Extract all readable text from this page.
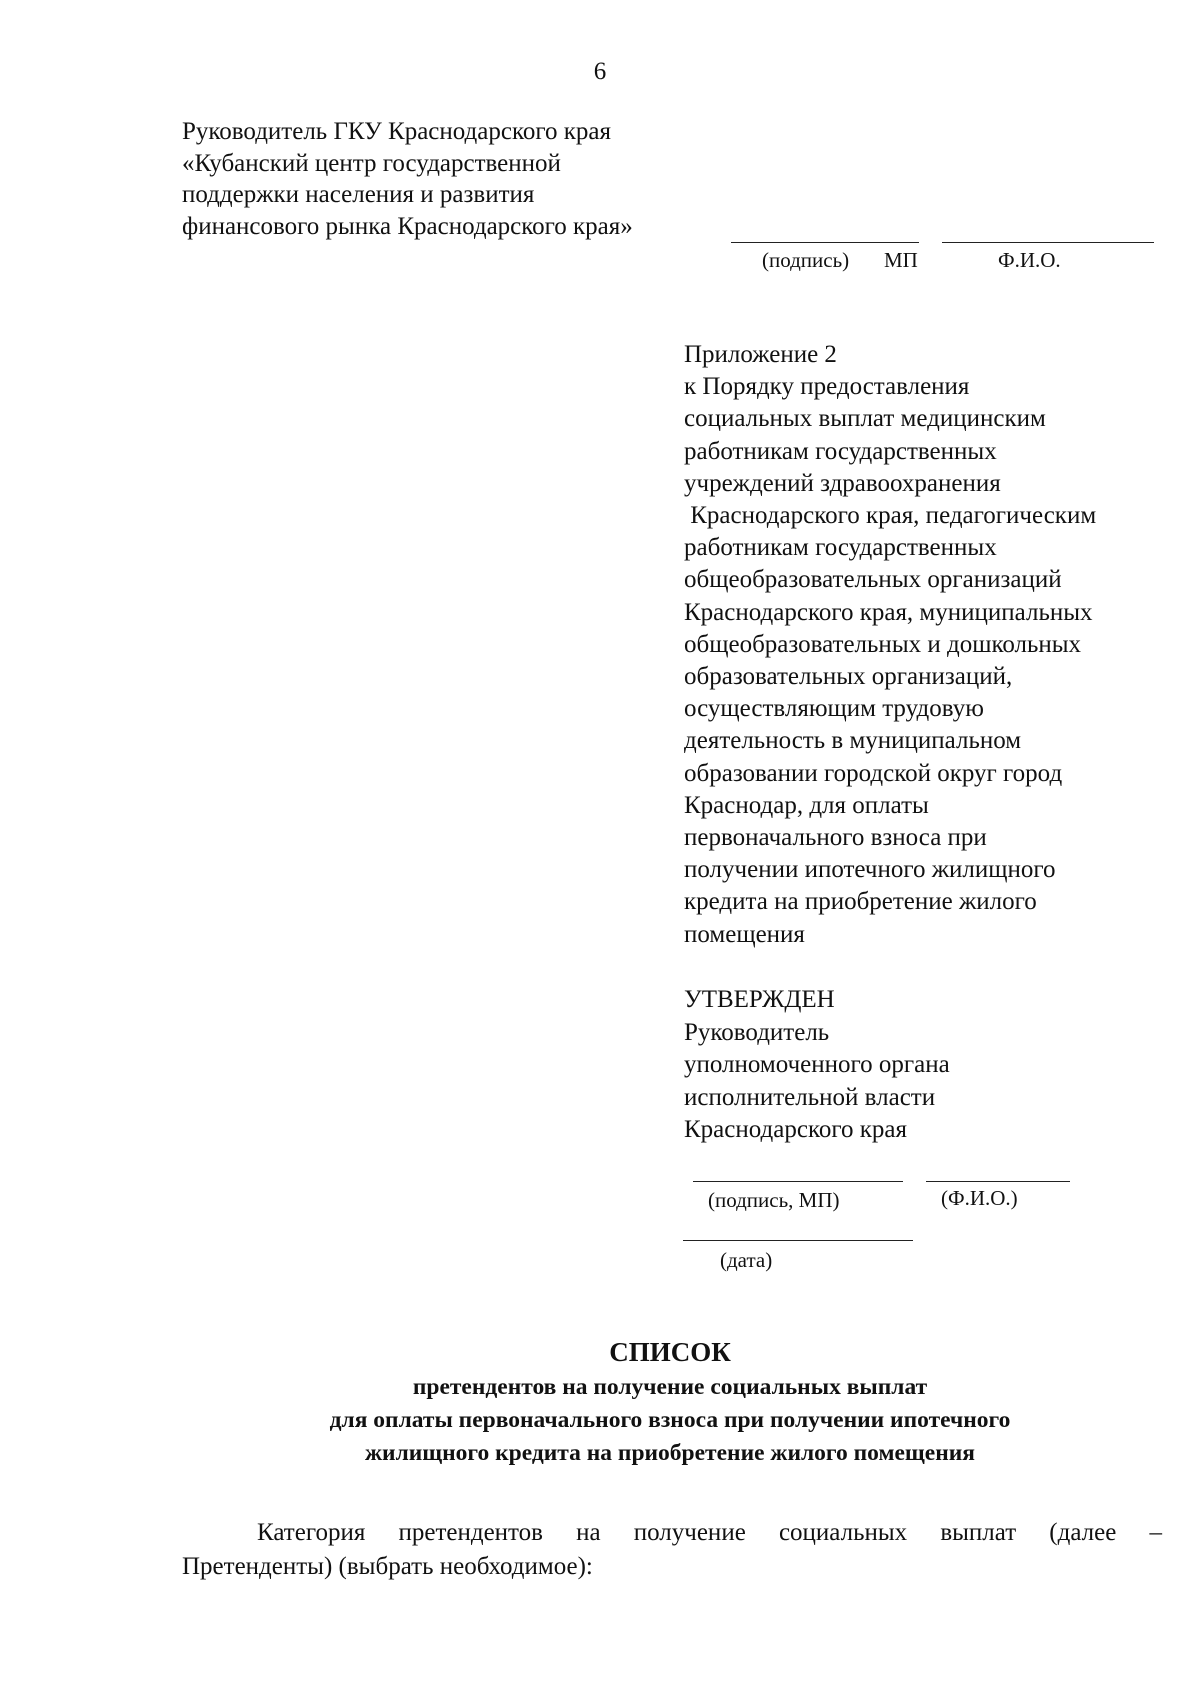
6
Руководитель ГКУ Краснодарского края
«Кубанский центр государственной
поддержки населения и развития
финансового рынка Краснодарского края»
(подпись) МП	Ф.И.О.
Приложение 2
к Порядку предоставления
социальных выплат медицинским
работникам государственных
учреждений здравоохранения
Краснодарского края, педагогическим
работникам государственных
общеобразовательных организаций
Краснодарского края, муниципальных
общеобразовательных и дошкольных
образовательных организаций,
осуществляющим трудовую
деятельность в муниципальном
образовании городской округ город
Краснодар, для оплаты
первоначального взноса при
получении ипотечного жилищного
кредита на приобретение жилого
помещения
УТВЕРЖДЕН
Руководитель
уполномоченного органа
исполнительной власти
Краснодарского края
(подпись, МП)	(Ф.И.О.)
(дата)
СПИСОК
претендентов на получение социальных выплат
для оплаты первоначального взноса при получении ипотечного
жилищного кредита на приобретение жилого помещения
Категория претендентов на получение социальных выплат (далее –
Претенденты) (выбрать необходимое):
